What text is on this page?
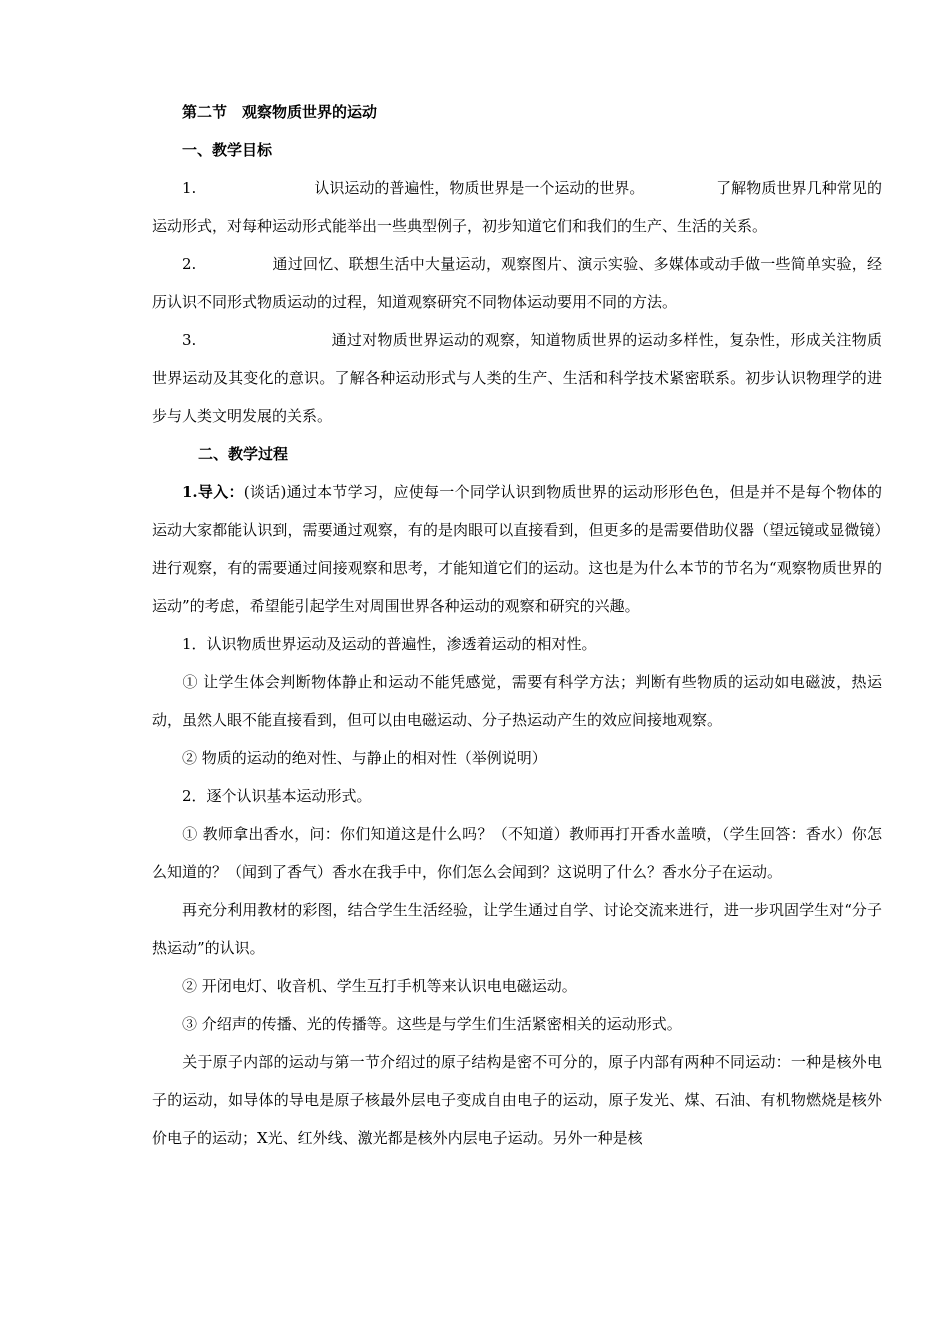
第二节　观察物质世界的运动

一、教学目标

1.	认识运动的普遍性，物质世界是一个运动的世界。	了解物质世界几种常见的运动形式，对每种运动形式能举出一些典型例子，初步知道它们和我们的生产、生活的关系。

2.	通过回忆、联想生活中大量运动，观察图片、演示实验、多媒体或动手做一些简单实验，经历认识不同形式物质运动的过程，知道观察研究不同物体运动要用不同的方法。

3.	通过对物质世界运动的观察，知道物质世界的运动多样性，复杂性，形成关注物质世界运动及其变化的意识。了解各种运动形式与人类的生产、生活和科学技术紧密联系。初步认识物理学的进步与人类文明发展的关系。

二、教学过程

1.导入：(谈话)通过本节学习，应使每一个同学认识到物质世界的运动形形色色，但是并不是每个物体的运动大家都能认识到，需要通过观察，有的是肉眼可以直接看到，但更多的是需要借助仪器（望远镜或显微镜）进行观察，有的需要通过间接观察和思考，才能知道它们的运动。这也是为什么本节的节名为“观察物质世界的运动”的考虑，希望能引起学生对周围世界各种运动的观察和研究的兴趣。

1．认识物质世界运动及运动的普遍性，渗透着运动的相对性。

① 让学生体会判断物体静止和运动不能凭感觉，需要有科学方法；判断有些物质的运动如电磁波，热运动，虽然人眼不能直接看到，但可以由电磁运动、分子热运动产生的效应间接地观察。

② 物质的运动的绝对性、与静止的相对性（举例说明）

2．逐个认识基本运动形式。

① 教师拿出香水，问：你们知道这是什么吗？（不知道）教师再打开香水盖喷，（学生回答：香水）你怎么知道的？（闻到了香气）香水在我手中，你们怎么会闻到？这说明了什么？香水分子在运动。

再充分利用教材的彩图，结合学生生活经验，让学生通过自学、讨论交流来进行，进一步巩固学生对“分子热运动”的认识。

② 开闭电灯、收音机、学生互打手机等来认识电电磁运动。

③ 介绍声的传播、光的传播等。这些是与学生们生活紧密相关的运动形式。

关于原子内部的运动与第一节介绍过的原子结构是密不可分的，原子内部有两种不同运动：一种是核外电子的运动，如导体的导电是原子核最外层电子变成自由电子的运动，原子发光、煤、石油、有机物燃烧是核外价电子的运动；X光、红外线、激光都是核外内层电子运动。另外一种是核
